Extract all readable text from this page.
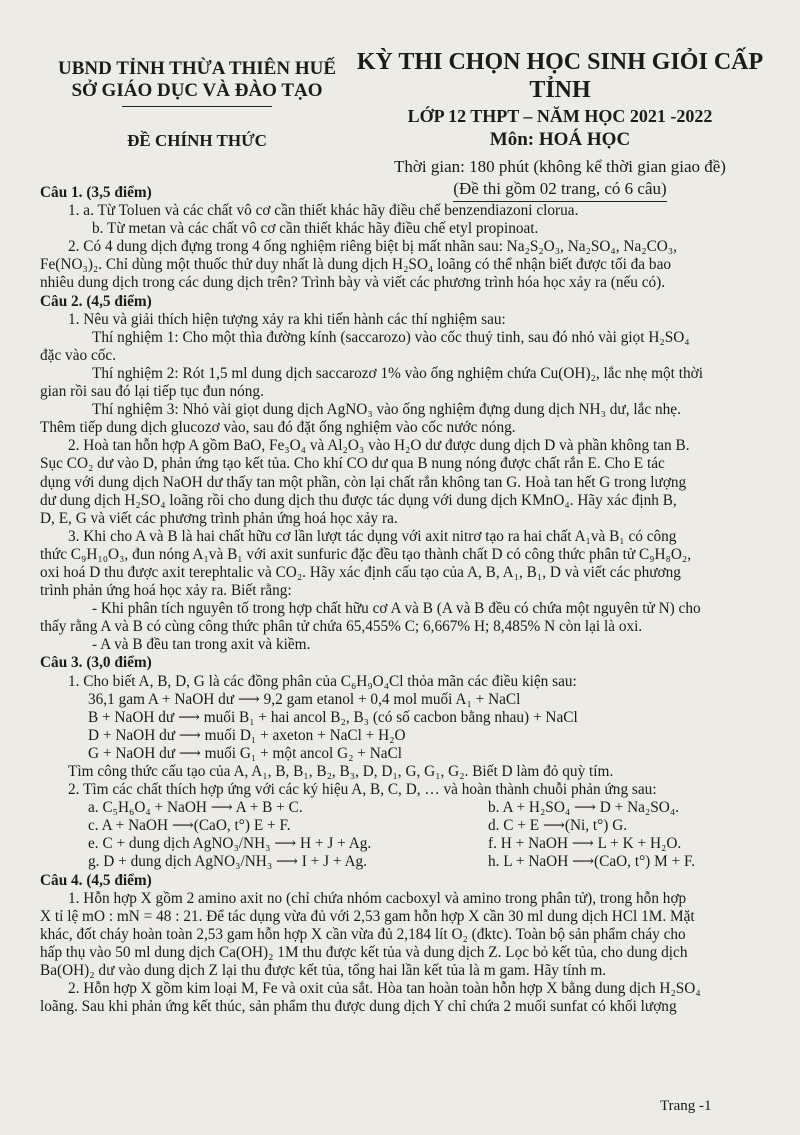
UBND TỈNH THỪA THIÊN HUẾ
SỞ GIÁO DỤC VÀ ĐÀO TẠO
ĐỀ CHÍNH THỨC
KỲ THI CHỌN HỌC SINH GIỎI CẤP TỈNH
LỚP 12 THPT – NĂM HỌC 2021 -2022
Môn: HOÁ HỌC
Thời gian: 180 phút (không kể thời gian giao đề)
(Đề thi gồm 02 trang, có 6 câu)

Câu 1. (3,5 điểm)

1. a. Từ Toluen và các chất vô cơ cần thiết khác hãy điều chế benzendiazoni clorua.

b. Từ metan và các chất vô cơ cần thiết khác hãy điều chế etyl propinoat.

2. Có 4 dung dịch đựng trong 4 ống nghiệm riêng biệt bị mất nhãn sau: Na₂S₂O₃, Na₂SO₄, Na₂CO₃,

Fe(NO₃)₂. Chỉ dùng một thuốc thử duy nhất là dung dịch H₂SO₄ loãng có thể nhận biết được tối đa bao

nhiêu dung dịch trong các dung dịch trên? Trình bày và viết các phương trình hóa học xảy ra (nếu có).

Câu 2. (4,5 điểm)

1. Nêu và giải thích hiện tượng xảy ra khi tiến hành các thí nghiệm sau:

Thí nghiệm 1: Cho một thìa đường kính (saccarozo) vào cốc thuỷ tinh, sau đó nhỏ vài giọt H₂SO₄

đặc vào cốc.

Thí nghiệm 2: Rót 1,5 ml dung dịch saccarozơ 1% vào ống nghiệm chứa Cu(OH)₂, lắc nhẹ một thời

gian rồi sau đó lại tiếp tục đun nóng.

Thí nghiệm 3: Nhỏ vài giọt dung dịch AgNO₃ vào ống nghiệm đựng dung dịch NH₃ dư, lắc nhẹ.

Thêm tiếp dung dịch glucozơ vào, sau đó đặt ống nghiệm vào cốc nước nóng.

2. Hoà tan hỗn hợp A gồm BaO, Fe₃O₄ và Al₂O₃ vào H₂O dư được dung dịch D và phần không tan B.

Sục CO₂ dư vào D, phản ứng tạo kết tủa. Cho khí CO dư qua B nung nóng được chất rắn E. Cho E tác

dụng với dung dịch NaOH dư thấy tan một phần, còn lại chất rắn không tan G. Hoà tan hết G trong lượng

dư dung dịch H₂SO₄ loãng rồi cho dung dịch thu được tác dụng với dung dịch KMnO₄. Hãy xác định B,

D, E, G và viết các phương trình phản ứng hoá học xảy ra.

3. Khi cho A và B là hai chất hữu cơ lần lượt tác dụng với axit nitrơ tạo ra hai chất A₁và B₁ có công

thức C₉H₁₀O₃, đun nóng A₁và B₁ với axit sunfuric đặc đều tạo thành chất D có công thức phân tử C₉H₈O₂,

oxi hoá D thu được axit terephtalic và CO₂. Hãy xác định cấu tạo của A, B, A₁, B₁, D và viết các phương

trình phản ứng hoá học xảy ra. Biết rằng:

- Khi phân tích nguyên tố trong hợp chất hữu cơ A và B (A và B đều có chứa một nguyên tử N) cho

thấy rằng A và B có cùng công thức phân tử chứa 65,455% C; 6,667% H; 8,485% N còn lại là oxi.

- A và B đều tan trong axit và kiềm.

Câu 3. (3,0 điểm)

1. Cho biết A, B, D, G là các đồng phân của C₆H₉O₄Cl thỏa mãn các điều kiện sau:

36,1 gam A + NaOH dư ⟶ 9,2 gam etanol + 0,4 mol muối A₁ + NaCl

B + NaOH dư ⟶ muối B₁ + hai ancol B₂, B₃ (có số cacbon bằng nhau) + NaCl

D + NaOH dư ⟶ muối D₁ + axeton + NaCl + H₂O

G + NaOH dư ⟶ muối G₁ + một ancol G₂ + NaCl

Tìm công thức cấu tạo của A, A₁, B, B₁, B₂, B₃, D, D₁, G, G₁, G₂. Biết D làm đỏ quỳ tím.

2. Tìm các chất thích hợp ứng với các ký hiệu A, B, C, D, … và hoàn thành chuỗi phản ứng sau:

a. C₅H₆O₄ + NaOH ⟶ A + B + C.	b. A + H₂SO₄ ⟶ D + Na₂SO₄.
c. A + NaOH ⟶(CaO, t°) E + F.	d. C + E ⟶(Ni, t°) G.
e. C + dung dịch AgNO₃/NH₃ ⟶ H + J + Ag.	f. H + NaOH ⟶ L + K + H₂O.
g. D + dung dịch AgNO₃/NH₃ ⟶ I + J + Ag.	h. L + NaOH ⟶(CaO, t°) M + F.

Câu 4. (4,5 điểm)

1. Hỗn hợp X gồm 2 amino axit no (chỉ chứa nhóm cacboxyl và amino trong phân tử), trong hỗn hợp

X tỉ lệ mO : mN = 48 : 21. Để tác dụng vừa đủ với 2,53 gam hỗn hợp X cần 30 ml dung dịch HCl 1M. Mặt

khác, đốt cháy hoàn toàn 2,53 gam hỗn hợp X cần vừa đủ 2,184 lít O₂ (đktc). Toàn bộ sản phẩm cháy cho

hấp thụ vào 50 ml dung dịch Ca(OH)₂ 1M thu được kết tủa và dung dịch Z. Lọc bỏ kết tủa, cho dung dịch

Ba(OH)₂ dư vào dung dịch Z lại thu được kết tủa, tổng hai lần kết tủa là m gam. Hãy tính m.

2. Hỗn hợp X gồm kim loại M, Fe và oxit của sắt. Hòa tan hoàn toàn hỗn hợp X bằng dung dịch H₂SO₄

loãng. Sau khi phản ứng kết thúc, sản phẩm thu được dung dịch Y chỉ chứa 2 muối sunfat có khối lượng

Trang -1
